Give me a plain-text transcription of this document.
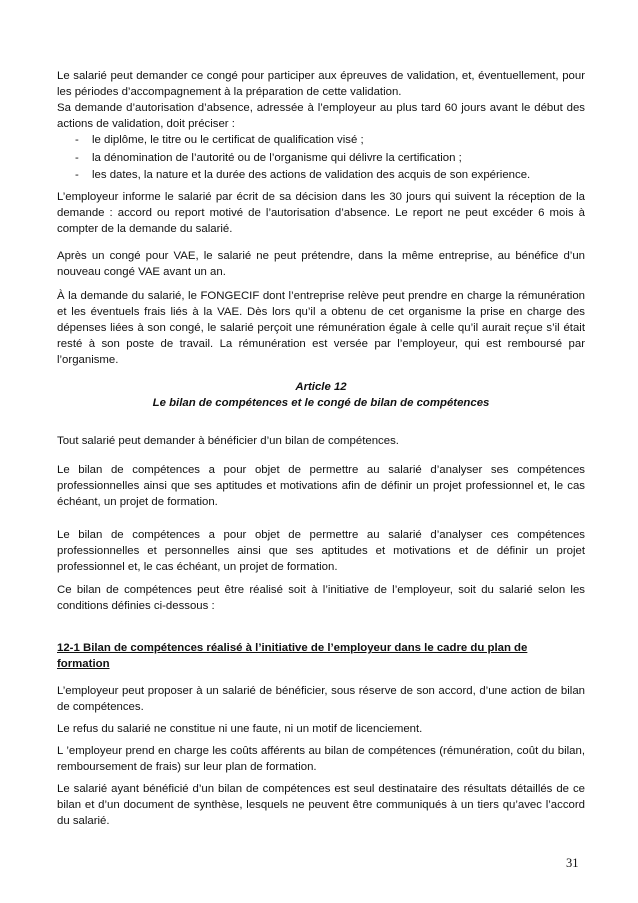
Le salarié peut demander ce congé pour participer aux épreuves de validation, et, éventuellement, pour les périodes d’accompagnement à la préparation de cette validation.

Sa demande d’autorisation d’absence, adressée à l’employeur au plus tard 60 jours avant le début des actions de validation, doit préciser :

- le diplôme, le titre ou le certificat de qualification visé ;
- la dénomination de l’autorité ou de l’organisme qui délivre la certification ;
- les dates, la nature et la durée des actions de validation des acquis de son expérience.

L’employeur informe le salarié par écrit de sa décision dans les 30 jours qui suivent la réception de la demande : accord ou report motivé de l’autorisation d’absence. Le report ne peut excéder 6 mois à compter de la demande du salarié.

Après un congé pour VAE, le salarié ne peut prétendre, dans la même entreprise, au bénéfice d’un nouveau congé VAE avant un an.

À la demande du salarié, le FONGECIF dont l’entreprise relève peut prendre en charge la rémunération et les éventuels frais liés à la VAE. Dès lors qu’il a obtenu de cet organisme la prise en charge des dépenses liées à son congé, le salarié perçoit une rémunération égale à celle qu’il aurait reçue s’il était resté à son poste de travail. La rémunération est versée par l’employeur, qui est remboursé par l’organisme.

Article 12

Le bilan de compétences et le congé de bilan de compétences

Tout salarié peut demander à bénéficier d’un bilan de compétences.

Le bilan de compétences a pour objet de permettre au salarié d’analyser ses compétences professionnelles ainsi que ses aptitudes et motivations afin de définir un projet professionnel et, le cas échéant, un projet de formation.

Le bilan de compétences a pour objet de permettre au salarié d’analyser ces compétences professionnelles et personnelles ainsi que ses aptitudes et motivations et de définir un projet professionnel et, le cas échéant, un projet de formation.

Ce bilan de compétences peut être réalisé soit à l’initiative de l’employeur, soit du salarié selon les conditions définies ci-dessous :

12-1 Bilan de compétences réalisé à l’initiative de l’employeur dans le cadre du plan de formation

L’employeur peut proposer à un salarié de bénéficier, sous réserve de son accord, d’une action de bilan de compétences.

Le refus du salarié ne constitue ni une faute, ni un motif de licenciement.

L ’employeur prend en charge les coûts afférents au bilan de compétences (rémunération, coût du bilan, remboursement de frais) sur leur plan de formation.

Le salarié ayant bénéficié d’un bilan de compétences est seul destinataire des résultats détaillés de ce bilan et d’un document de synthèse, lesquels ne peuvent être communiqués à un tiers qu’avec l’accord du salarié.

31
